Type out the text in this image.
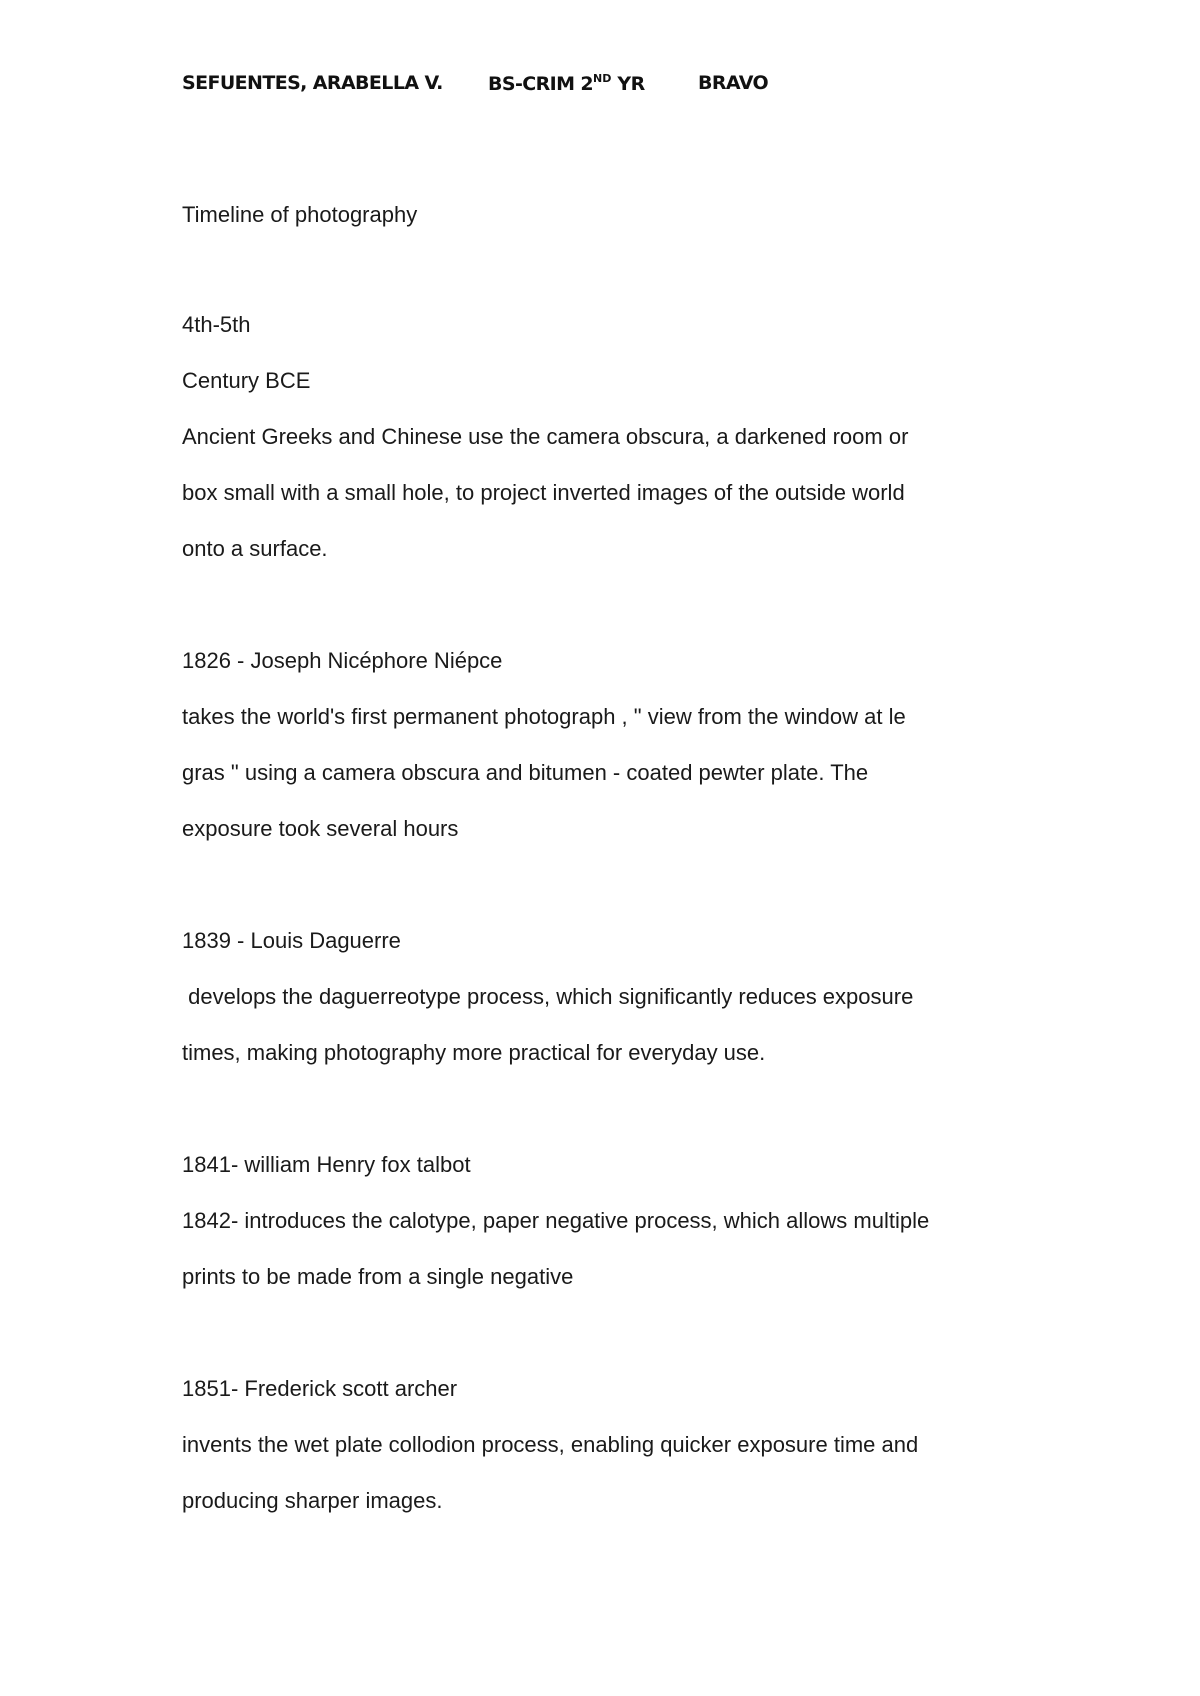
SEFUENTES, ARABELLA V. BS-CRIM 2ND YR	BRAVO
Timeline of photography
4th-5th
Century BCE
Ancient Greeks and Chinese use the camera obscura, a darkened room or
box small with a small hole, to project inverted images of the outside world
onto a surface.
1826 - Joseph Nicéphore Niépce
takes the world's first permanent photograph , " view from the window at le
gras " using a camera obscura and bitumen - coated pewter plate. The
exposure took several hours
1839 - Louis Daguerre
develops the daguerreotype process, which significantly reduces exposure
times, making photography more practical for everyday use.
1841- william Henry fox talbot
1842- introduces the calotype, paper negative process, which allows multiple
prints to be made from a single negative
1851- Frederick scott archer
invents the wet plate collodion process, enabling quicker exposure time and
producing sharper images.
